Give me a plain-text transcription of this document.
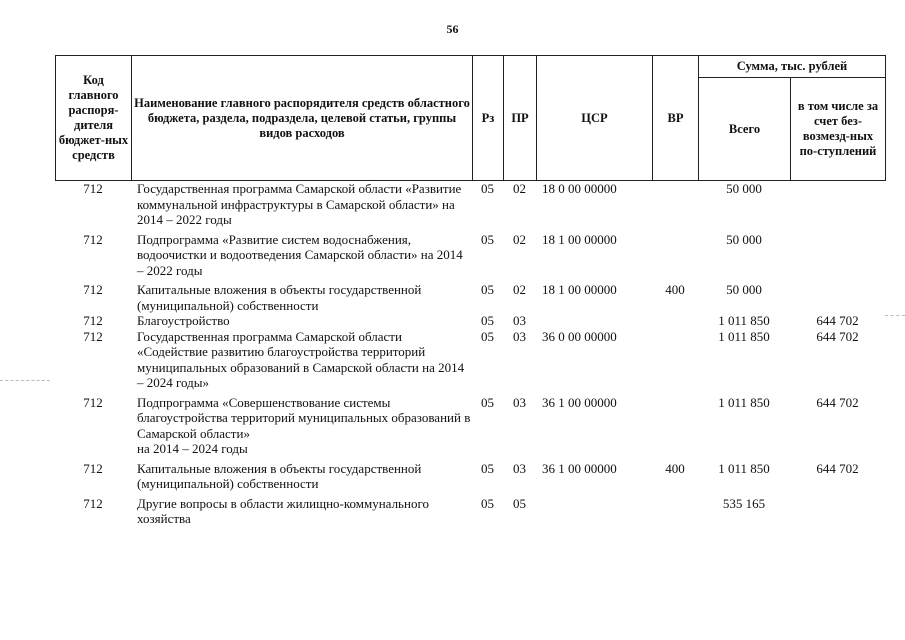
56
Код главного распоря-дителя бюджет-ных средств	Наименование главного распорядителя средств областного бюджета, раздела, подраздела, целевой статьи, группы видов расходов	Рз	ПР	ЦСР	ВР	Сумма, тыс. рублей	
						Всего	в том числе за счет без-возмезд-ных по-ступлений
712	Государственная программа Самарской области «Развитие коммунальной инфраструктуры в Самарской области» на 2014 – 2022 годы	05	02	18 0 00 00000		50 000	
712	Подпрограмма «Развитие систем водоснабжения, водоочистки и водоотведения Самарской области» на 2014 – 2022 годы	05	02	18 1 00 00000		50 000	
712	Капитальные вложения в объекты государственной (муниципальной) собственности	05	02	18 1 00 00000	400	50 000	
712	Благоустройство	05	03			1 011 850	644 702
712	Государственная программа Самарской области «Содействие развитию благоустройства территорий муниципальных образований в Самарской области на 2014 – 2024 годы»	05	03	36 0 00 00000		1 011 850	644 702
712	Подпрограмма «Совершенствование системы благоустройства территорий муниципальных образований в Самарской области»
на 2014 – 2024 годы	05	03	36 1 00 00000		1 011 850	644 702
712	Капитальные вложения в объекты государственной (муниципальной) собственности	05	03	36 1 00 00000	400	1 011 850	644 702
712	Другие вопросы в области жилищно-коммунального хозяйства	05	05			535 165	
